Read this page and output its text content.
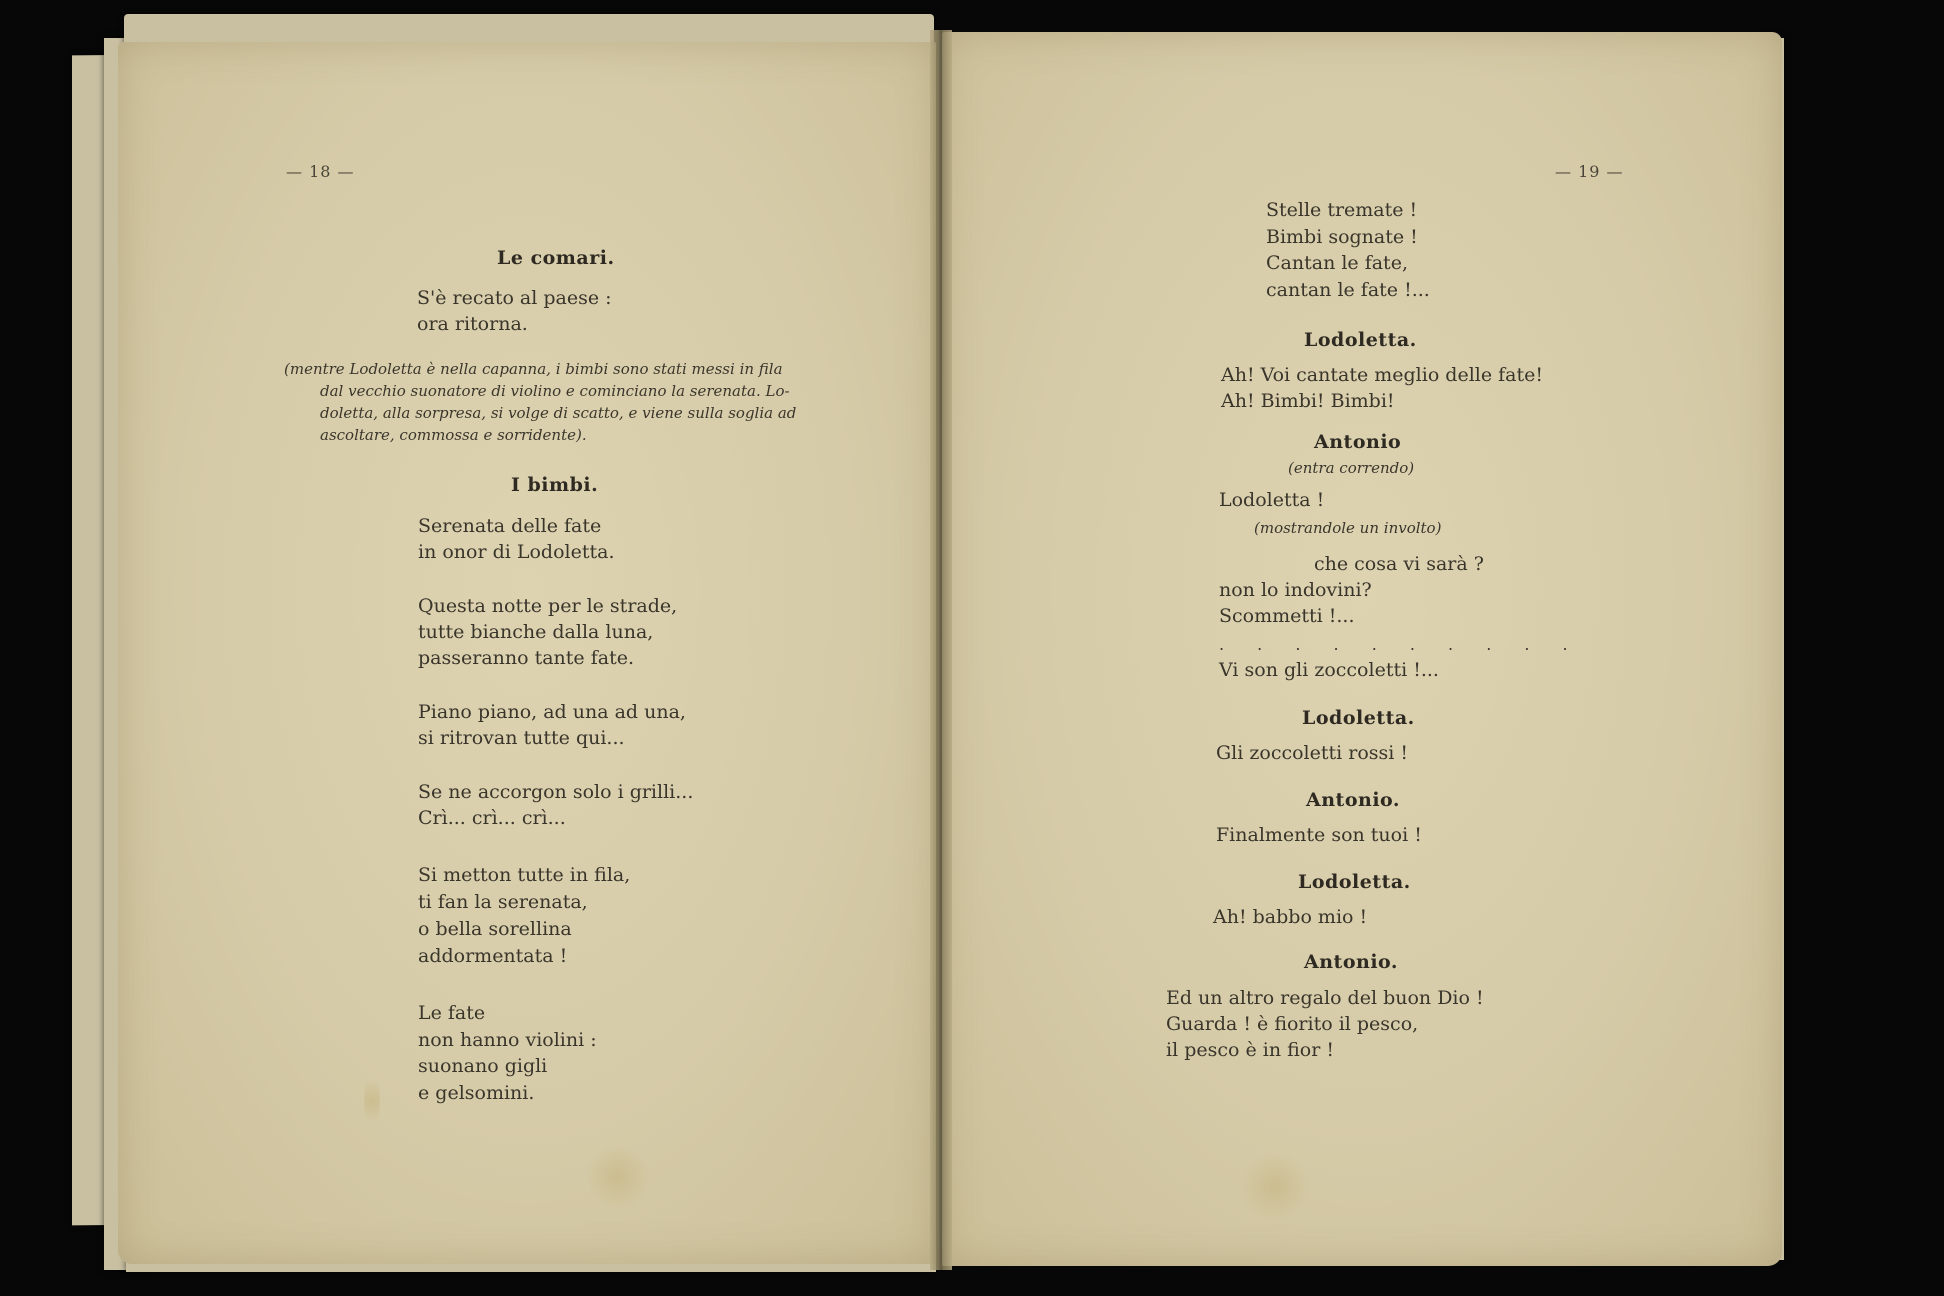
— 18 —
Le comari.
S'è recato al paese :
ora ritorna.
(mentre Lodoletta è nella capanna, i bimbi sono stati messi in fila
dal vecchio suonatore di violino e cominciano la serenata. Lo-
doletta, alla sorpresa, si volge di scatto, e viene sulla soglia ad
ascoltare, commossa e sorridente).
I bimbi.
Serenata delle fate
in onor di Lodoletta.
Questa notte per le strade,
tutte bianche dalla luna,
passeranno tante fate.
Piano piano, ad una ad una,
si ritrovan tutte qui...
Se ne accorgon solo i grilli...
Crì... crì... crì...
Si metton tutte in fila,
ti fan la serenata,
o bella sorellina
addormentata !
Le fate
non hanno violini :
suonano gigli
e gelsomini.
— 19 —
Stelle tremate !
Bimbi sognate !
Cantan le fate,
cantan le fate !...
Lodoletta.
Ah! Voi cantate meglio delle fate!
Ah! Bimbi! Bimbi!
Antonio
(entra correndo)
Lodoletta !
(mostrandole un involto)
che cosa vi sarà ?
non lo indovini?
Scommetti !...
. . . . . . . . . .
Vi son gli zoccoletti !...
Lodoletta.
Gli zoccoletti rossi !
Antonio.
Finalmente son tuoi !
Lodoletta.
Ah! babbo mio !
Antonio.
Ed un altro regalo del buon Dio !
Guarda ! è fiorito il pesco,
il pesco è in fior !
